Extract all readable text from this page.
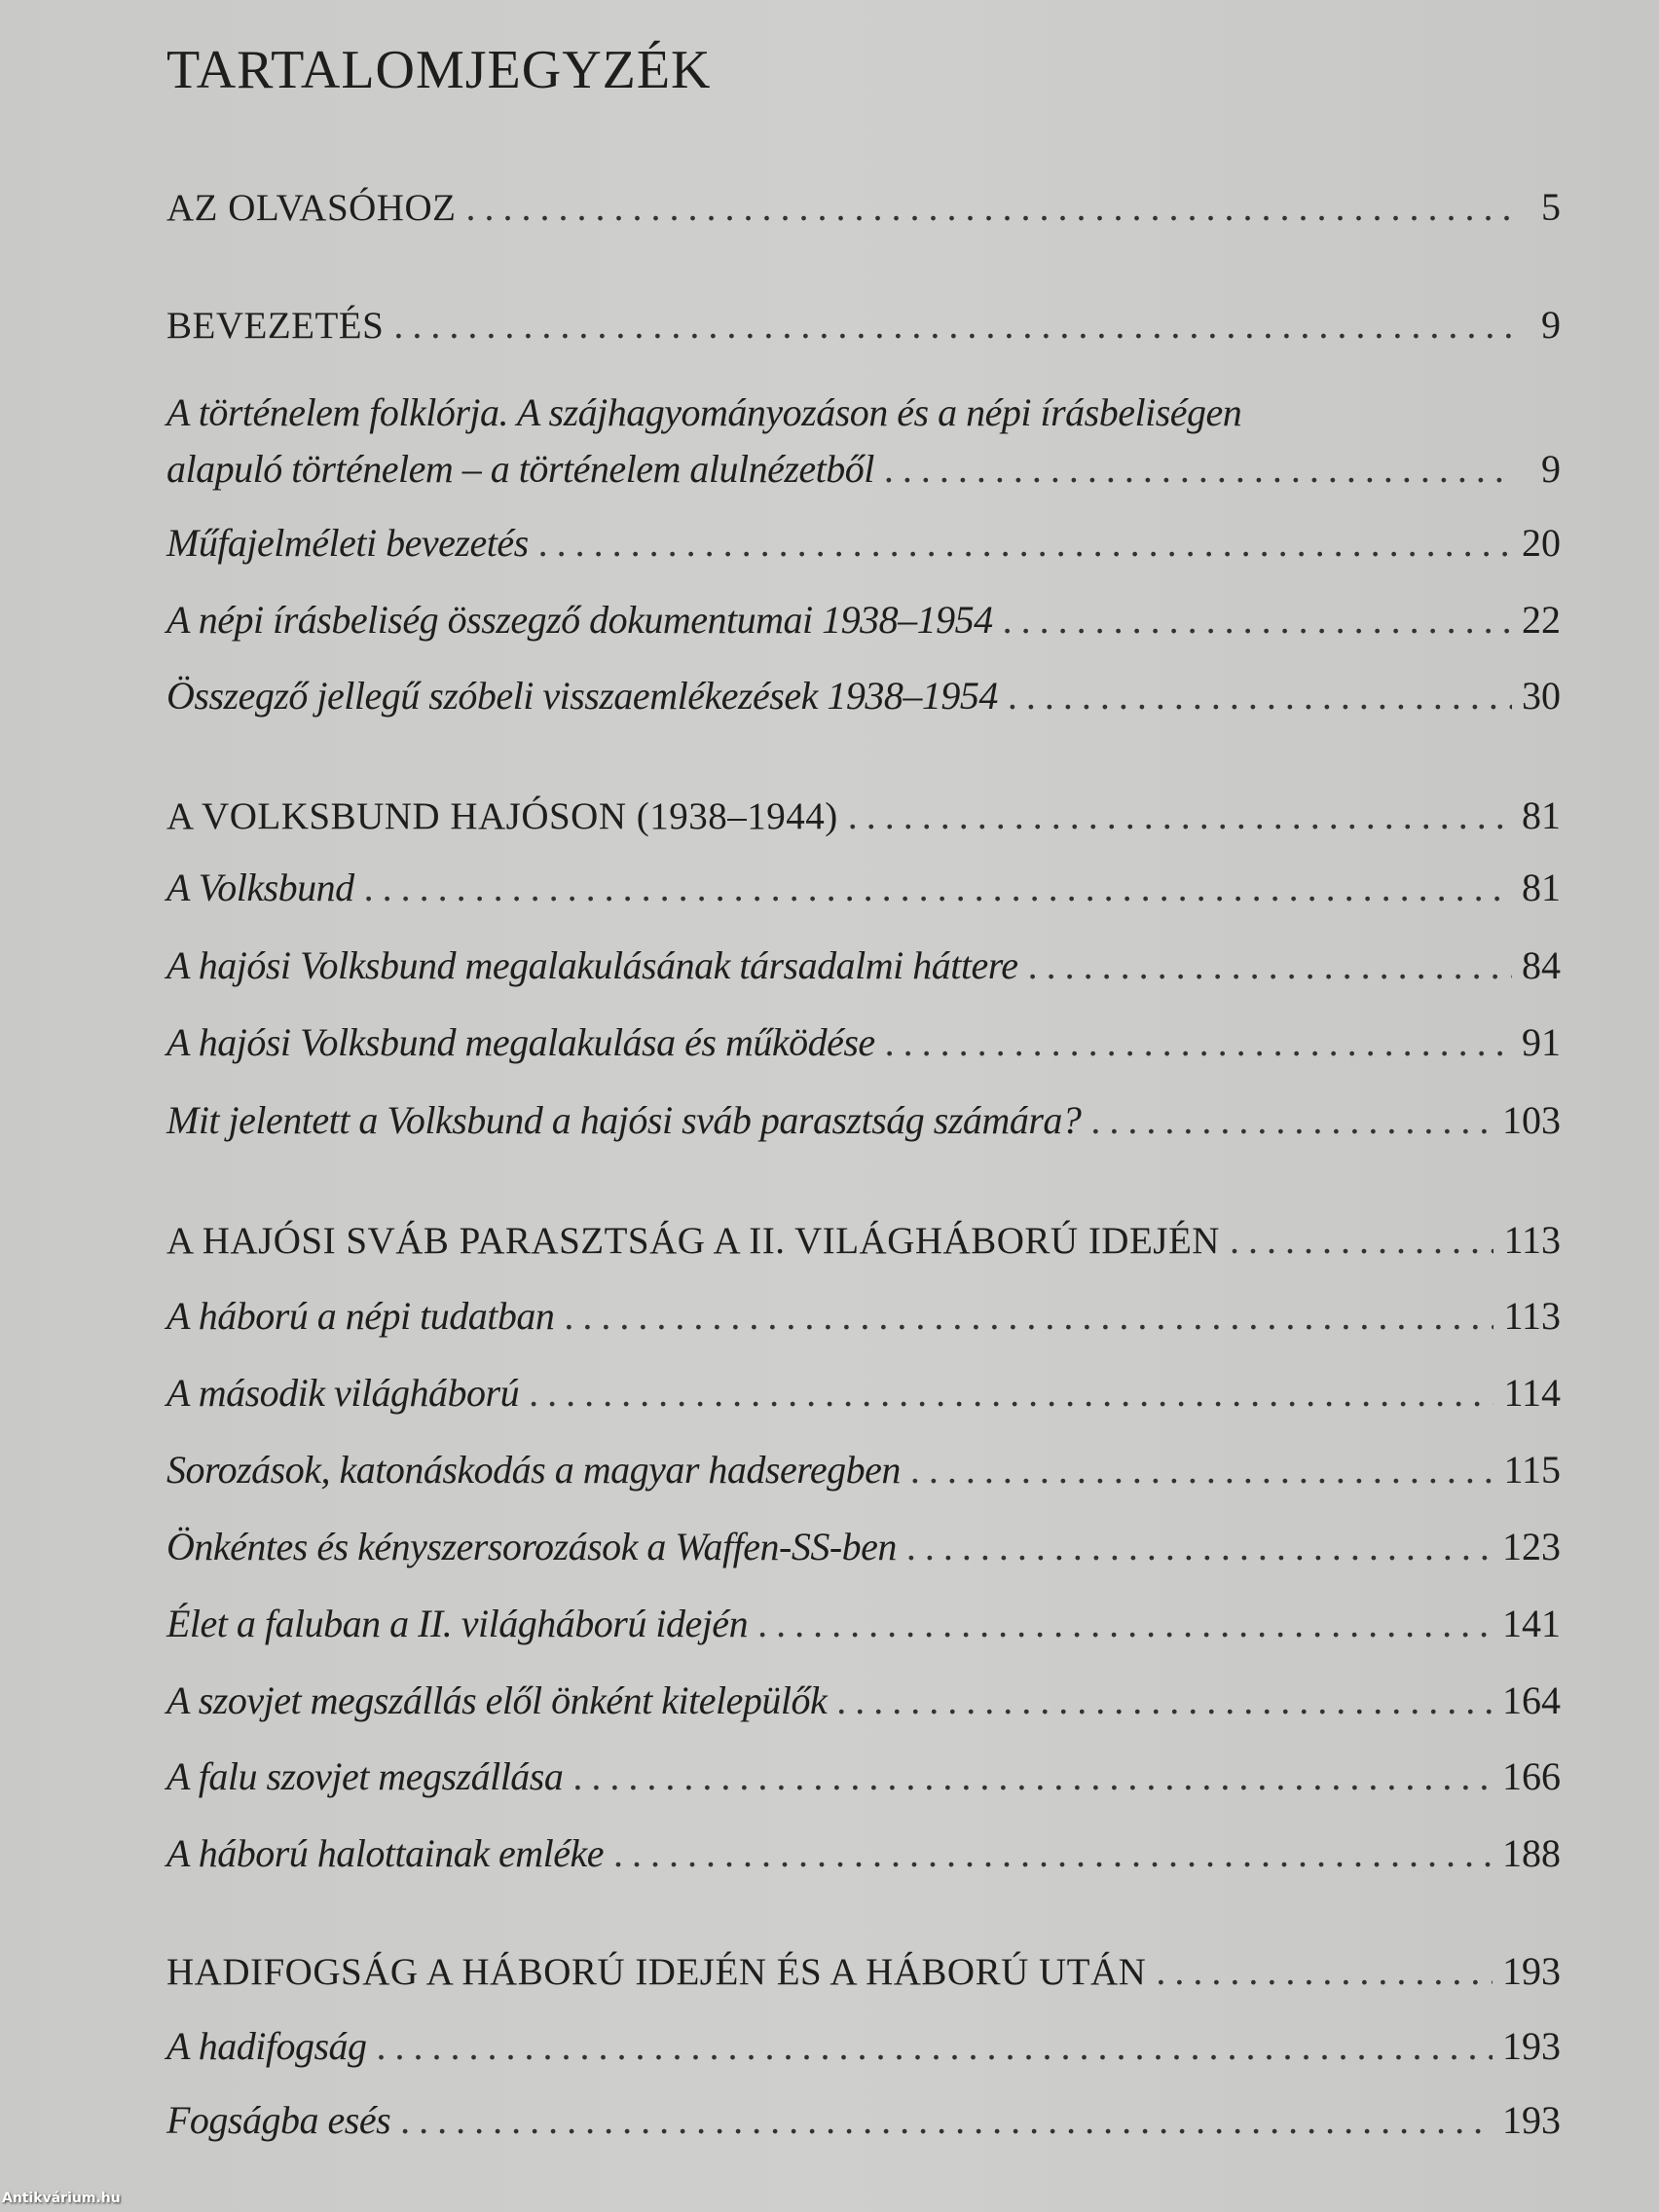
TARTALOMJEGYZÉK
AZ OLVASÓHOZ .....	5
BEVEZETÉS .....	9
A történelem folklórja. A szájhagyományozáson és a népi írásbeliségen
alapuló történelem – a történelem alulnézetből .....	9
Műfajelméleti bevezetés .....	20
A népi írásbeliség összegző dokumentumai 1938–1954 .....	22
Összegző jellegű szóbeli visszaemlékezések 1938–1954 .....	30
A VOLKSBUND HAJÓSON (1938–1944) .....	81
A Volksbund .....	81
A hajósi Volksbund megalakulásának társadalmi háttere .....	84
A hajósi Volksbund megalakulása és működése .....	91
Mit jelentett a Volksbund a hajósi sváb parasztság számára? .....	103
A HAJÓSI SVÁB PARASZTSÁG A II. VILÁGHÁBORÚ IDEJÉN .....	113
A háború a népi tudatban .....	113
A második világháború .....	114
Sorozások, katonáskodás a magyar hadseregben .....	115
Önkéntes és kényszersorozások a Waffen-SS-ben .....	123
Élet a faluban a II. világháború idején .....	141
A szovjet megszállás elől önként kitelepülők .....	164
A falu szovjet megszállása .....	166
A háború halottainak emléke .....	188
HADIFOGSÁG A HÁBORÚ IDEJÉN ÉS A HÁBORÚ UTÁN .....	193
A hadifogság .....	193
Fogságba esés .....	193
Antikvárium.hu
